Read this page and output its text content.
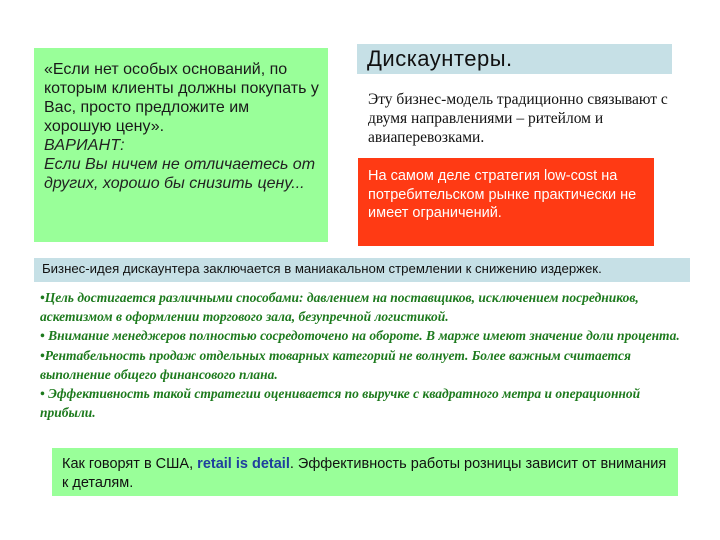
«Если нет особых оснований, по которым клиенты должны покупать у Вас, просто предложите им хорошую цену».
ВАРИАНТ:
Если Вы ничем не отличаетесь от других, хорошо бы снизить цену...
Дискаунтеры.
Эту бизнес-модель традиционно связывают с двумя направлениями – ритейлом и авиаперевозками.
На самом деле стратегия low-cost на потребительском рынке практически не имеет ограничений.
Бизнес-идея дискаунтера заключается в маниакальном стремлении к снижению издержек.
•Цель достигается различными способами: давлением на поставщиков, исключением посредников, аскетизмом в оформлении торгового зала, безупречной логистикой.
• Внимание менеджеров полностью сосредоточено на обороте. В марже имеют значение доли процента.
•Рентабельность продаж отдельных товарных категорий не волнует. Более важным считается выполнение общего финансового плана.
• Эффективность такой стратегии оценивается по выручке с квадратного метра и операционной прибыли.
Как говорят в США, retail is detail. Эффективность работы розницы зависит от внимания к деталям.
